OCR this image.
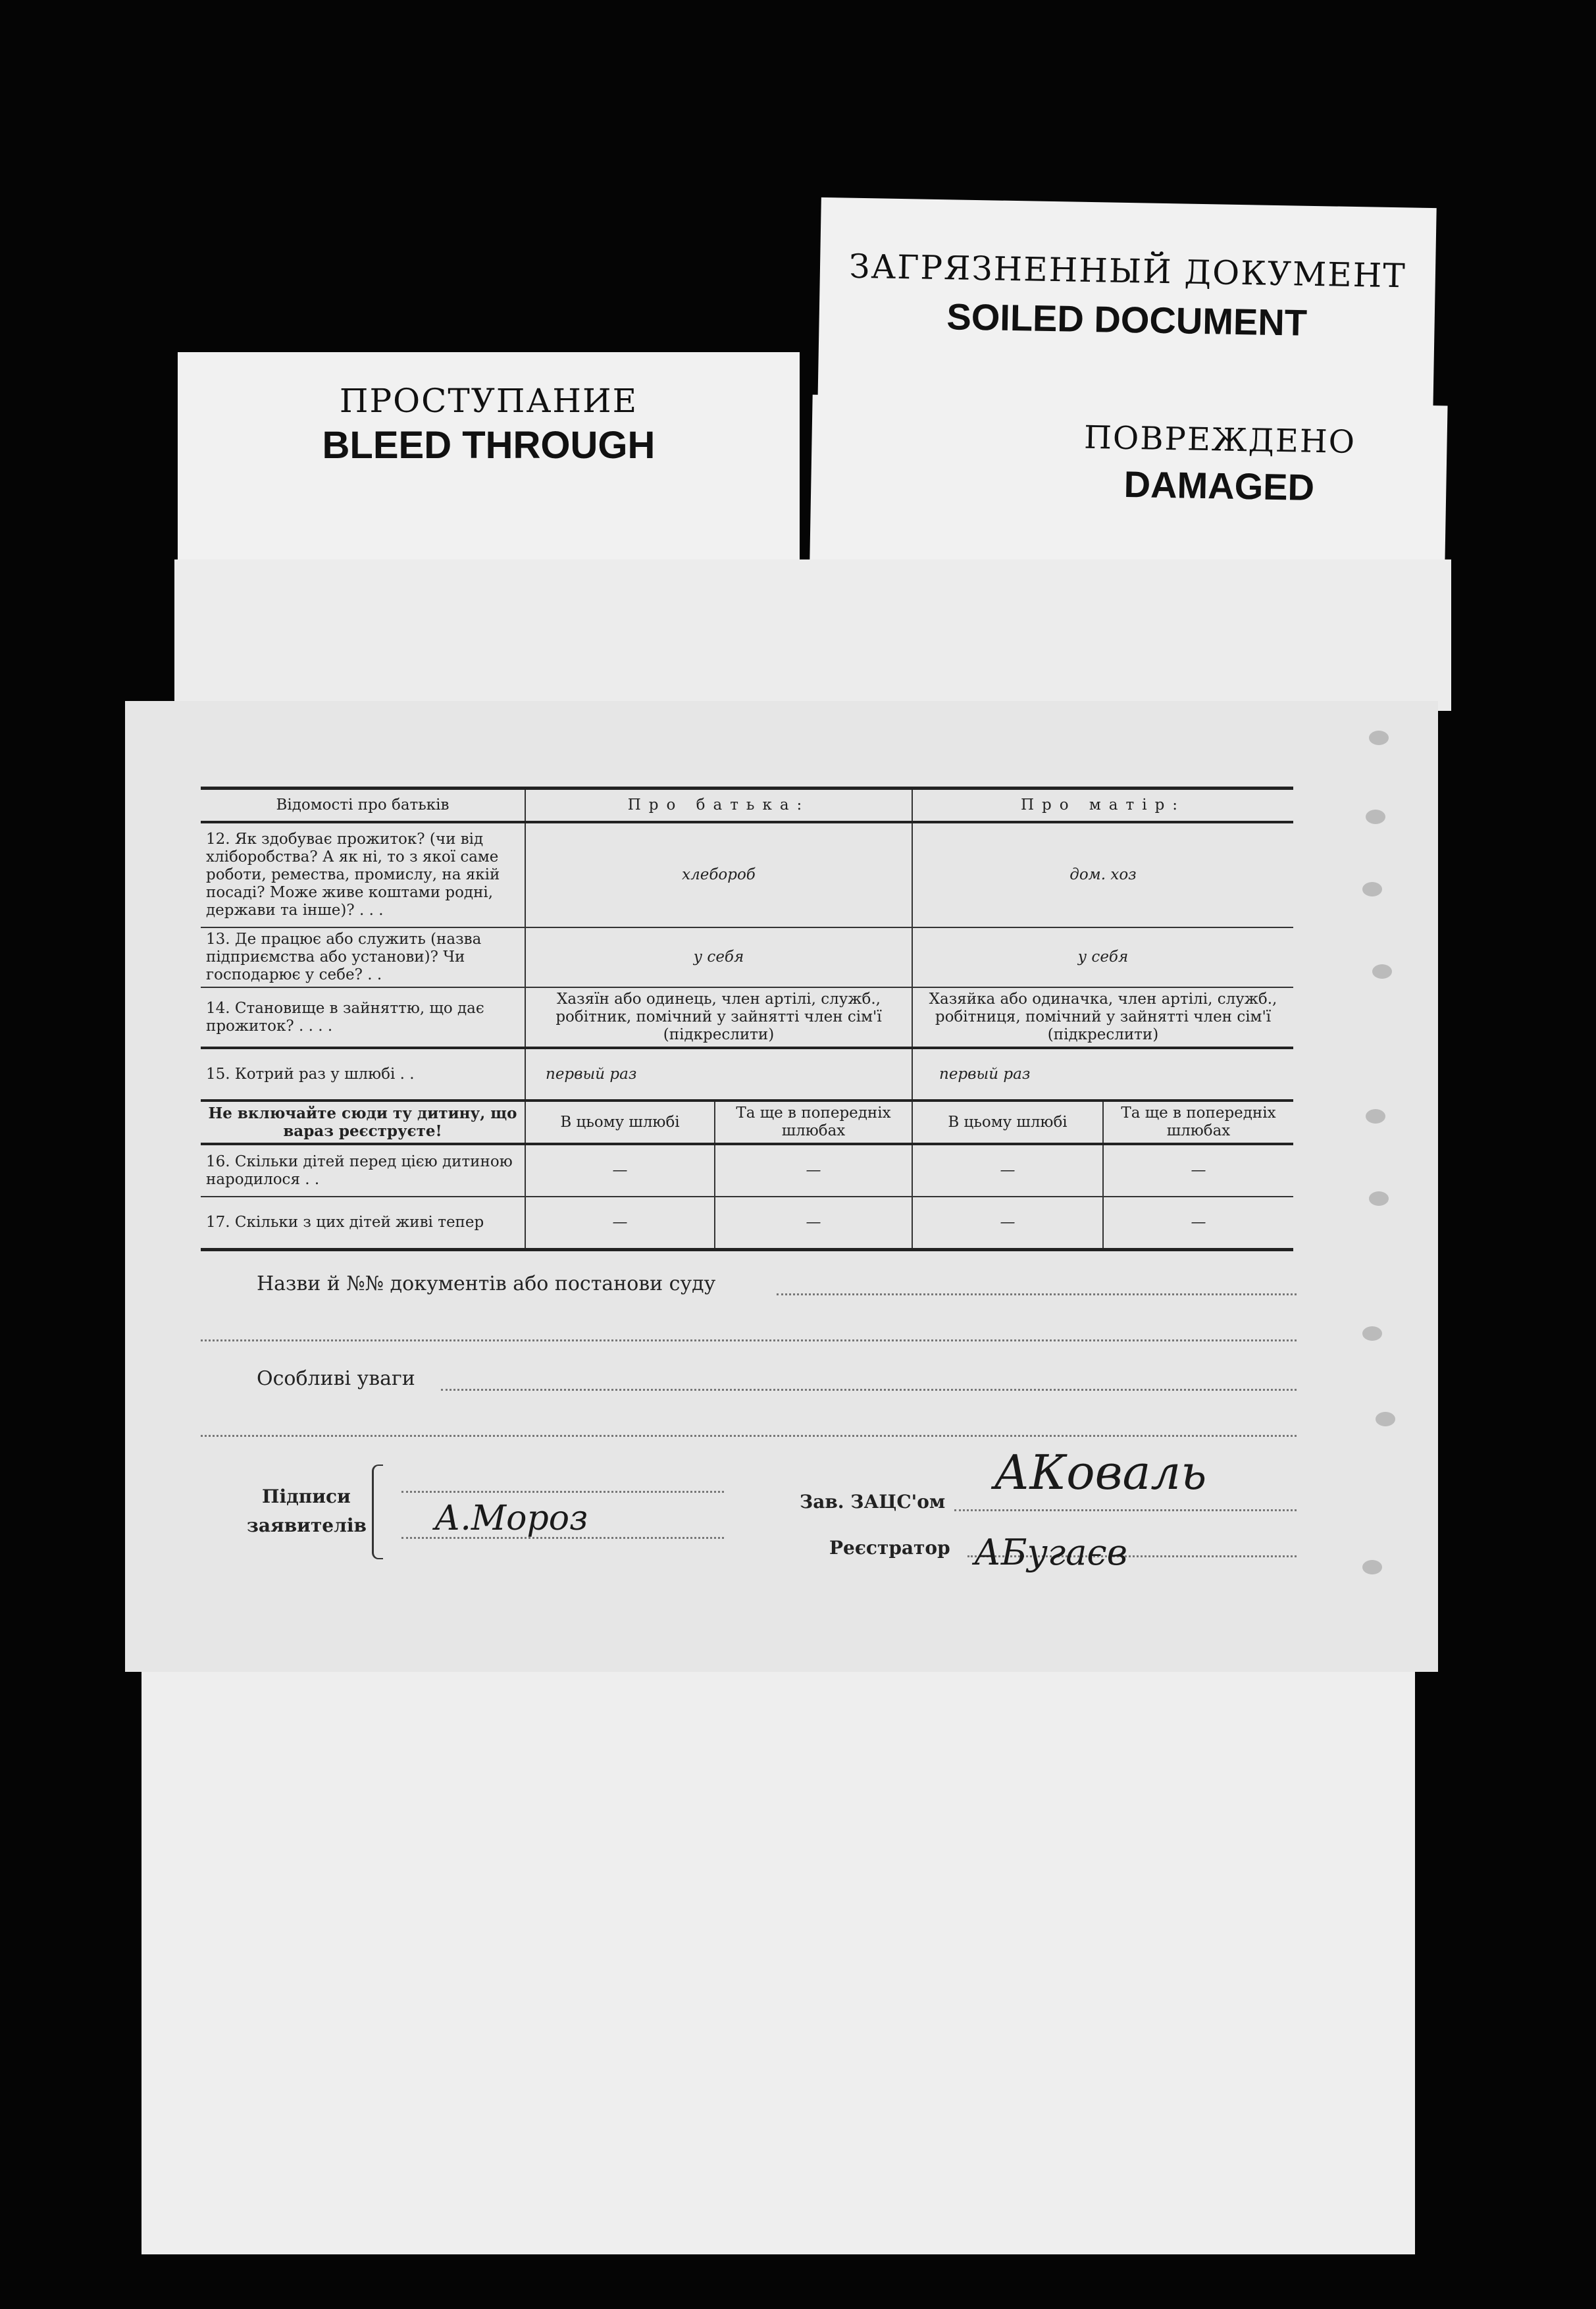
ЗАГРЯЗНЕННЫЙ ДОКУМЕНТ
SOILED DOCUMENT
ПРОСТУПАНИЕ
BLEED THROUGH	ПОВРЕЖДЕНО
DAMAGED
Відомості про батьків	Про батька:		Про матір:	
12. Як здобуває прожиток? (чи від хліборобства? А як ні, то з якої саме роботи, ремества, промислу, на якій посаді? Може живе коштами родні, держави та інше)? . . .	хлебороб		дом. хоз	
13. Де працює або служить (назва підприємства або установи)? Чи господарює у себе? . .	у себя		у себя	
14. Становище в зайняттю, що дає прожиток? . . . .	Хазяїн або одинець, член артілі, служб., робітник, помічний у зайнятті член сім'ї (підкреслити)		Хазяйка або одиначка, член артілі, служб., робітниця, помічний у зайнятті член сім'ї (підкреслити)	
15. Котрий раз у шлюбі . .	первый раз		первый раз	
Не включайте сюди ту дитину, що вараз реєструєте!	В цьому шлюбі	Та ще в попередніх шлюбах	В цьому шлюбі	Та ще в попередніх шлюбах
16. Скільки дітей перед цією дитиною народилося . .	—	—	—	—
17. Скільки з цих дітей живі тепер	—	—	—	—
Назви й №№ документів або постанови суду
Особливі уваги
Підписи
заявителів А.Мороз	Зав. ЗАЦС'ом
АКоваль
Реєстратор АБугаєв
